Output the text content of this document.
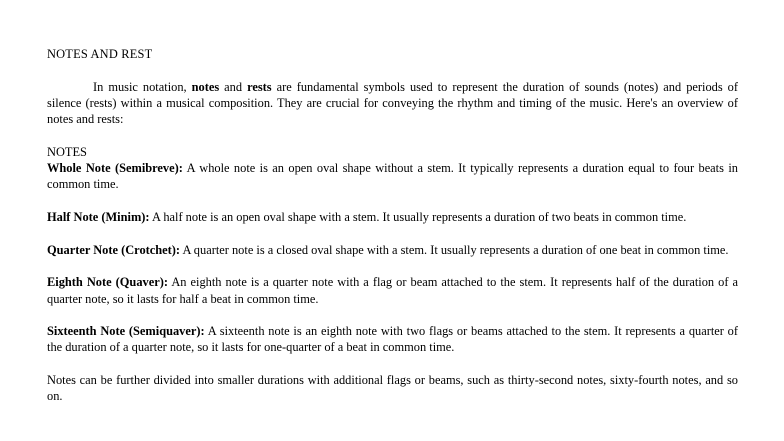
NOTES AND REST

In music notation, notes and rests are fundamental symbols used to represent the duration of sounds (notes) and periods of silence (rests) within a musical composition. They are crucial for conveying the rhythm and timing of the music. Here's an overview of notes and rests:

NOTES

Whole Note (Semibreve): A whole note is an open oval shape without a stem. It typically represents a duration equal to four beats in common time.

Half Note (Minim): A half note is an open oval shape with a stem. It usually represents a duration of two beats in common time.

Quarter Note (Crotchet): A quarter note is a closed oval shape with a stem. It usually represents a duration of one beat in common time.

Eighth Note (Quaver): An eighth note is a quarter note with a flag or beam attached to the stem. It represents half of the duration of a quarter note, so it lasts for half a beat in common time.

Sixteenth Note (Semiquaver): A sixteenth note is an eighth note with two flags or beams attached to the stem. It represents a quarter of the duration of a quarter note, so it lasts for one-quarter of a beat in common time.

Notes can be further divided into smaller durations with additional flags or beams, such as thirty-second notes, sixty-fourth notes, and so on.
